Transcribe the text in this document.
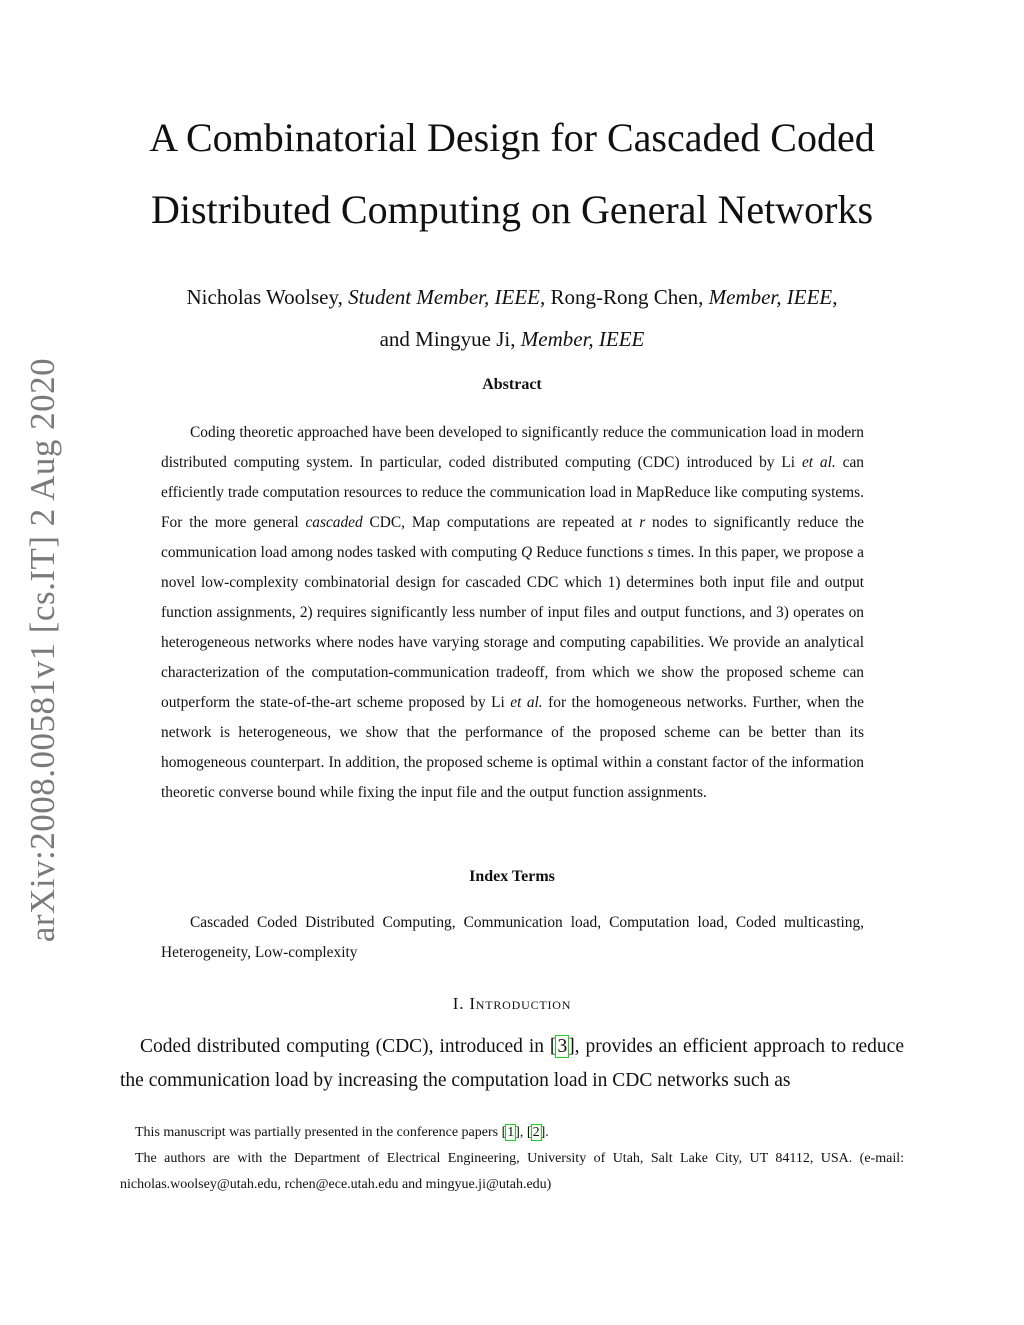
arXiv:2008.00581v1 [cs.IT] 2 Aug 2020
A Combinatorial Design for Cascaded Coded
Distributed Computing on General Networks
Nicholas Woolsey, Student Member, IEEE, Rong-Rong Chen, Member, IEEE,
and Mingyue Ji, Member, IEEE
Abstract
Coding theoretic approached have been developed to significantly reduce the communication load in modern distributed computing system. In particular, coded distributed computing (CDC) introduced by Li et al. can efficiently trade computation resources to reduce the communication load in MapReduce like computing systems. For the more general cascaded CDC, Map computations are repeated at r nodes to significantly reduce the communication load among nodes tasked with computing Q Reduce functions s times. In this paper, we propose a novel low-complexity combinatorial design for cascaded CDC which 1) determines both input file and output function assignments, 2) requires significantly less number of input files and output functions, and 3) operates on heterogeneous networks where nodes have varying storage and computing capabilities. We provide an analytical characterization of the computation-communication tradeoff, from which we show the proposed scheme can outperform the state-of-the-art scheme proposed by Li et al. for the homogeneous networks. Further, when the network is heterogeneous, we show that the performance of the proposed scheme can be better than its homogeneous counterpart. In addition, the proposed scheme is optimal within a constant factor of the information theoretic converse bound while fixing the input file and the output function assignments.
Index Terms
Cascaded Coded Distributed Computing, Communication load, Computation load, Coded multicasting, Heterogeneity, Low-complexity
I. Introduction
Coded distributed computing (CDC), introduced in [3], provides an efficient approach to reduce the communication load by increasing the computation load in CDC networks such as

This manuscript was partially presented in the conference papers [1], [2].

The authors are with the Department of Electrical Engineering, University of Utah, Salt Lake City, UT 84112, USA. (e-mail: nicholas.woolsey@utah.edu, rchen@ece.utah.edu and mingyue.ji@utah.edu)
